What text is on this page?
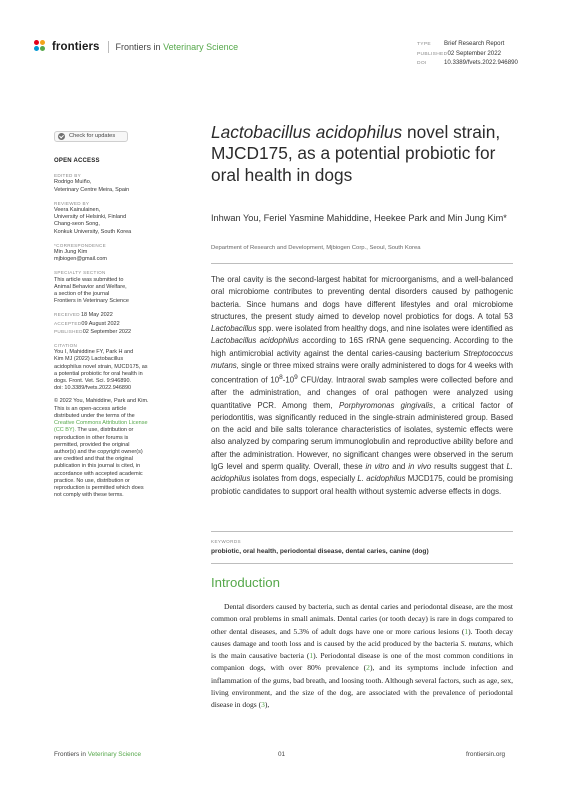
frontiers Frontiers in Veterinary Science	TYPE Brief Research Report
PUBLISHED02 September 2022
DOI	10.3389/fvets.2022.946890
Check for updates
OPEN ACCESS
EDITED BY
Rodrigo Muiño,
Veterinary Centre Meira, Spain
REVIEWED BY
Veera Kainulainen,
University of Helsinki, Finland
Chang-seon Song,
Konkuk University, South Korea
*CORRESPONDENCE
Min Jung Kim
mjbiogen@gmail.com
SPECIALTY SECTION
This article was submitted to
Animal Behavior and Welfare,
a section of the journal
Frontiers in Veterinary Science
RECEIVED18 May 2022
ACCEPTED09 August 2022
PUBLISHED02 September 2022
CITATION
You I, Mahiddine FY, Park H and
Kim MJ (2022) Lactobacillus
acidophilus novel strain, MJCD175, as
a potential probiotic for oral health in
dogs. Front. Vet. Sci. 9:946890.
doi: 10.3389/fvets.2022.946890
© 2022 You, Mahiddine, Park and Kim.
This is an open-access article
distributed under the terms of the
Creative Commons Attribution License
(CC BY). The use, distribution or
reproduction in other forums is
permitted, provided the original
author(s) and the copyright owner(s)
are credited and that the original
publication in this journal is cited, in
accordance with accepted academic
practice. No use, distribution or
reproduction is permitted which does
not comply with these terms.
Lactobacillus acidophilus novel strain, MJCD175, as a potential probiotic for oral health in dogs
Inhwan You, Feriel Yasmine Mahiddine, Heekee Park and Min Jung Kim*
Department of Research and Development, Mjbiogen Corp., Seoul, South Korea

The oral cavity is the second-largest habitat for microorganisms, and a well-balanced oral microbiome contributes to preventing dental disorders caused by pathogenic bacteria. Since humans and dogs have different lifestyles and oral microbiome structures, the present study aimed to develop novel probiotics for dogs. A total 53 Lactobacillus spp. were isolated from healthy dogs, and nine isolates were identified as Lactobacillus acidophilus according to 16S rRNA gene sequencing. According to the high antimicrobial activity against the dental caries-causing bacterium Streptococcus mutans, single or three mixed strains were orally administered to dogs for 4 weeks with concentration of $10^8-10^9$ CFU/day. Intraoral swab samples were collected before and after the administration, and changes of oral pathogen were analyzed using quantitative PCR. Among them, Porphyromonas gingivalis, a critical factor of periodontitis, was significantly reduced in the single-strain administered group. Based on the acid and bile salts tolerance characteristics of isolates, systemic effects were also analyzed by comparing serum immunoglobulin and reproductive ability before and after the administration. However, no significant changes were observed in the serum IgG level and sperm quality. Overall, these in vitro and in vivo results suggest that L. acidophilus isolates from dogs, especially L. acidophilus MJCD175, could be promising probiotic candidates to support oral health without systemic adverse effects in dogs.

KEYWORDS
probiotic, oral health, periodontal disease, dental caries, canine (dog)
Introduction

Dental disorders caused by bacteria, such as dental caries and periodontal disease, are the most common oral problems in small animals. Dental caries (or tooth decay) is rare in dogs compared to other dental diseases, and 5.3% of adult dogs have one or more carious lesions (1). Tooth decay causes damage and tooth loss and is caused by the acid produced by the bacteria S. mutans, which is the main causative bacteria (1). Periodontal disease is one of the most common conditions in companion dogs, with over 80% prevalence (2), and its symptoms include infection and inflammation of the gums, bad breath, and loosing tooth. Although several factors, such as age, sex, living environment, and the size of the dog, are associated with the prevalence of periodontal disease in dogs (3),

Frontiers in Veterinary Science	01	frontiersin.org
